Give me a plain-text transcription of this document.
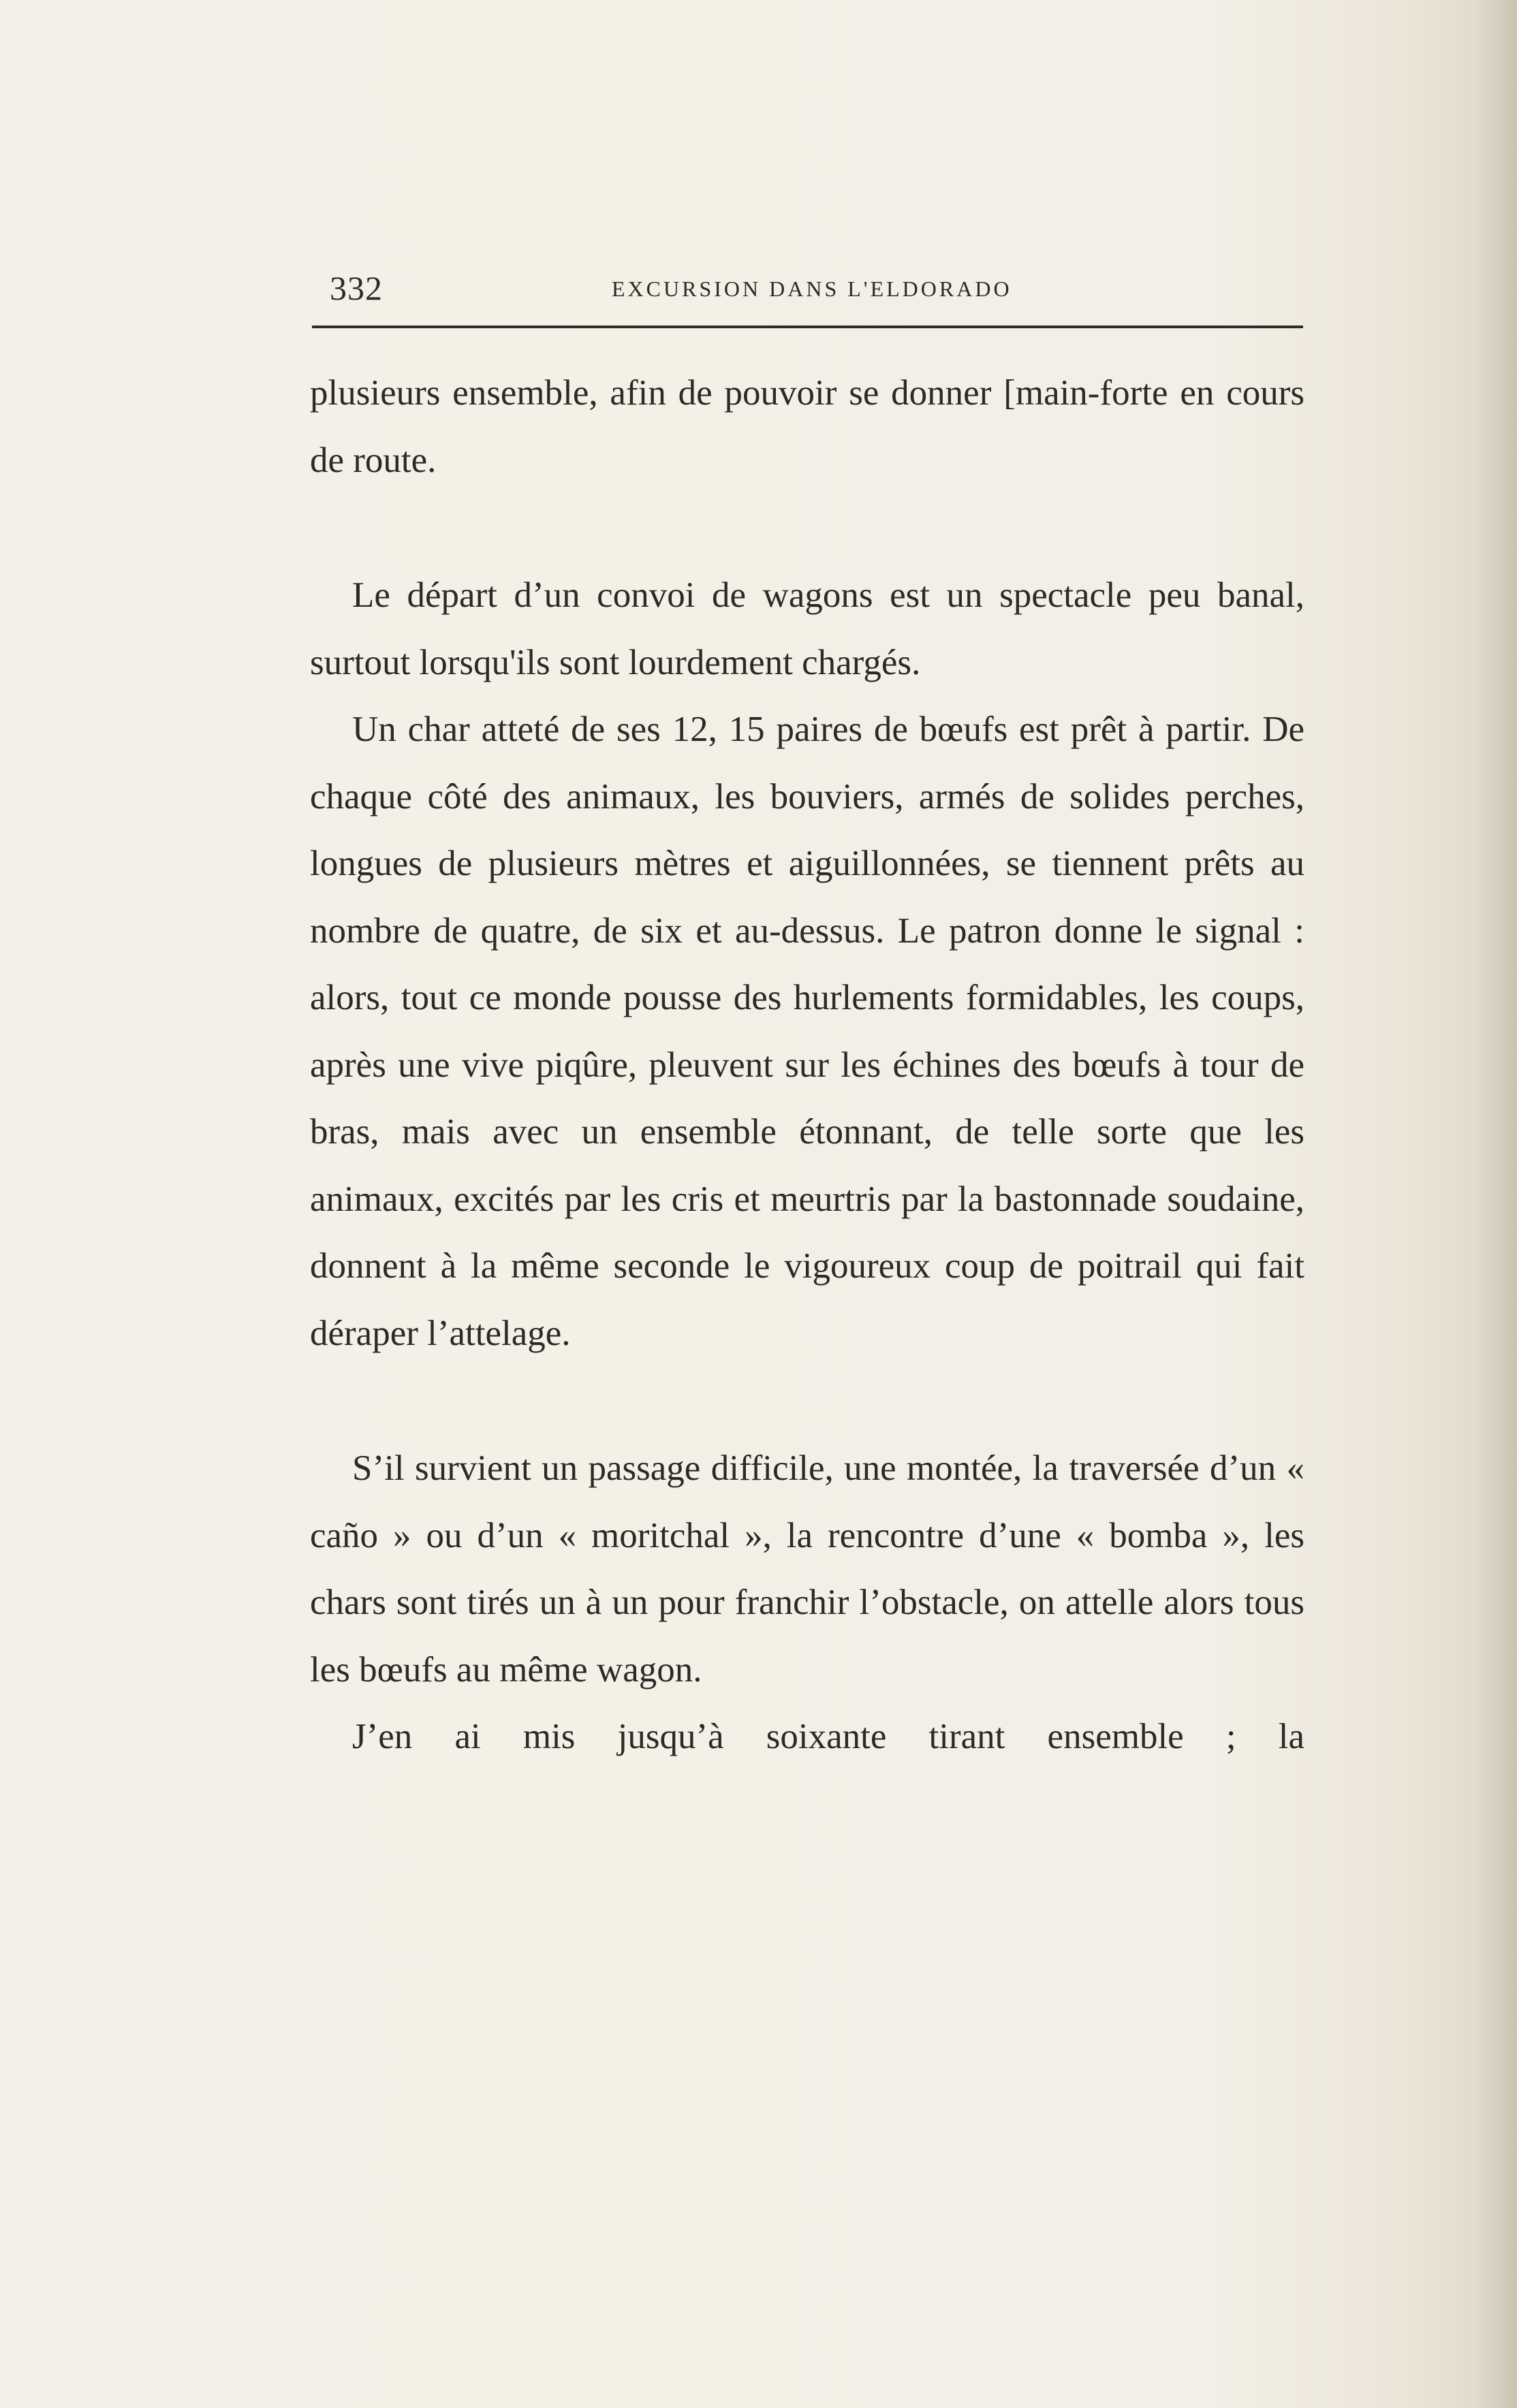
332	EXCURSION DANS L'ELDORADO

plusieurs ensemble, afin de pouvoir se donner [main-forte en cours de route.

Le départ d’un convoi de wagons est un spectacle peu banal, surtout lorsqu'ils sont lourdement chargés.

Un char atteté de ses 12, 15 paires de bœufs est prêt à partir. De chaque côté des animaux, les bouviers, armés de solides perches, longues de plusieurs mètres et aiguillonnées, se tiennent prêts au nombre de quatre, de six et au-dessus. Le patron donne le signal : alors, tout ce monde pousse des hurlements formidables, les coups, après une vive piqûre, pleuvent sur les échines des bœufs à tour de bras, mais avec un ensemble étonnant, de telle sorte que les animaux, excités par les cris et meurtris par la bastonnade soudaine, donnent à la même seconde le vigoureux coup de poitrail qui fait déraper l’attelage.

S’il survient un passage difficile, une montée, la traversée d’un « caño » ou d’un « moritchal », la rencontre d’une « bomba », les chars sont tirés un à un pour franchir l’obstacle, on attelle alors tous les bœufs au même wagon.

J’en ai mis jusqu’à soixante tirant ensemble ; la
